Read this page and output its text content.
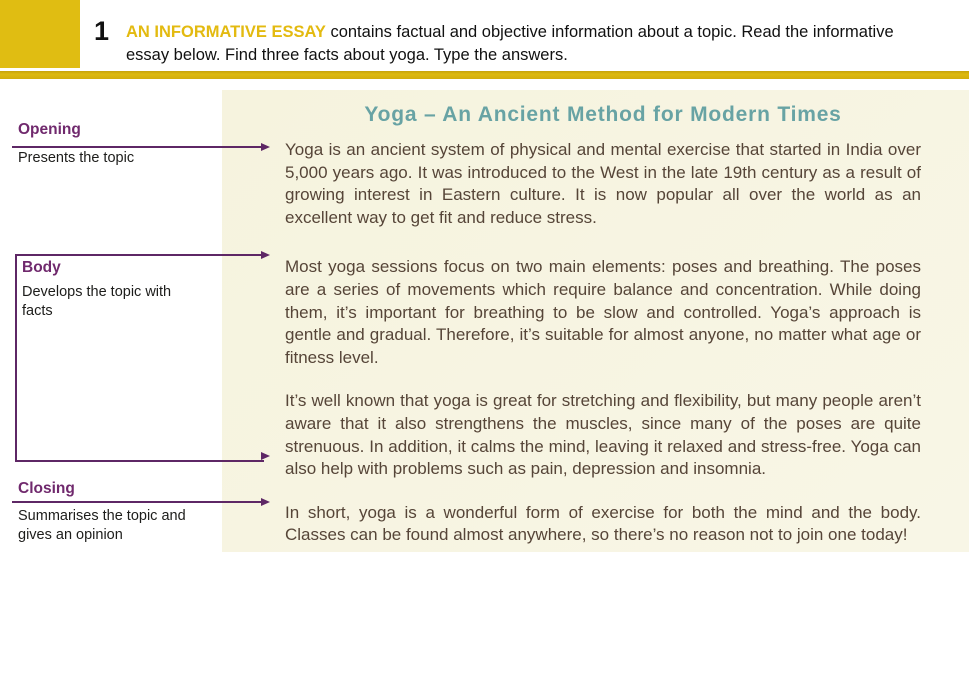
1 AN INFORMATIVE ESSAY contains factual and objective information about a topic. Read the informative essay below. Find three facts about yoga. Type the answers.

Yoga – An Ancient Method for Modern Times

Yoga is an ancient system of physical and mental exercise that started in India over 5,000 years ago. It was introduced to the West in the late 19th century as a result of growing interest in Eastern culture. It is now popular all over the world as an excellent way to get fit and reduce stress.

Most yoga sessions focus on two main elements: poses and breathing. The poses are a series of movements which require balance and concentration. While doing them, it’s important for breathing to be slow and controlled. Yoga’s approach is gentle and gradual. Therefore, it’s suitable for almost anyone, no matter what age or fitness level.

It’s well known that yoga is great for stretching and flexibility, but many people aren’t aware that it also strengthens the muscles, since many of the poses are quite strenuous. In addition, it calms the mind, leaving it relaxed and stress-free. Yoga can also help with problems such as pain, depression and insomnia.

In short, yoga is a wonderful form of exercise for both the mind and the body. Classes can be found almost anywhere, so there’s no reason not to join one today!

Opening

Presents the topic

Body

Develops the topic with facts

Closing

Summarises the topic and gives an opinion
